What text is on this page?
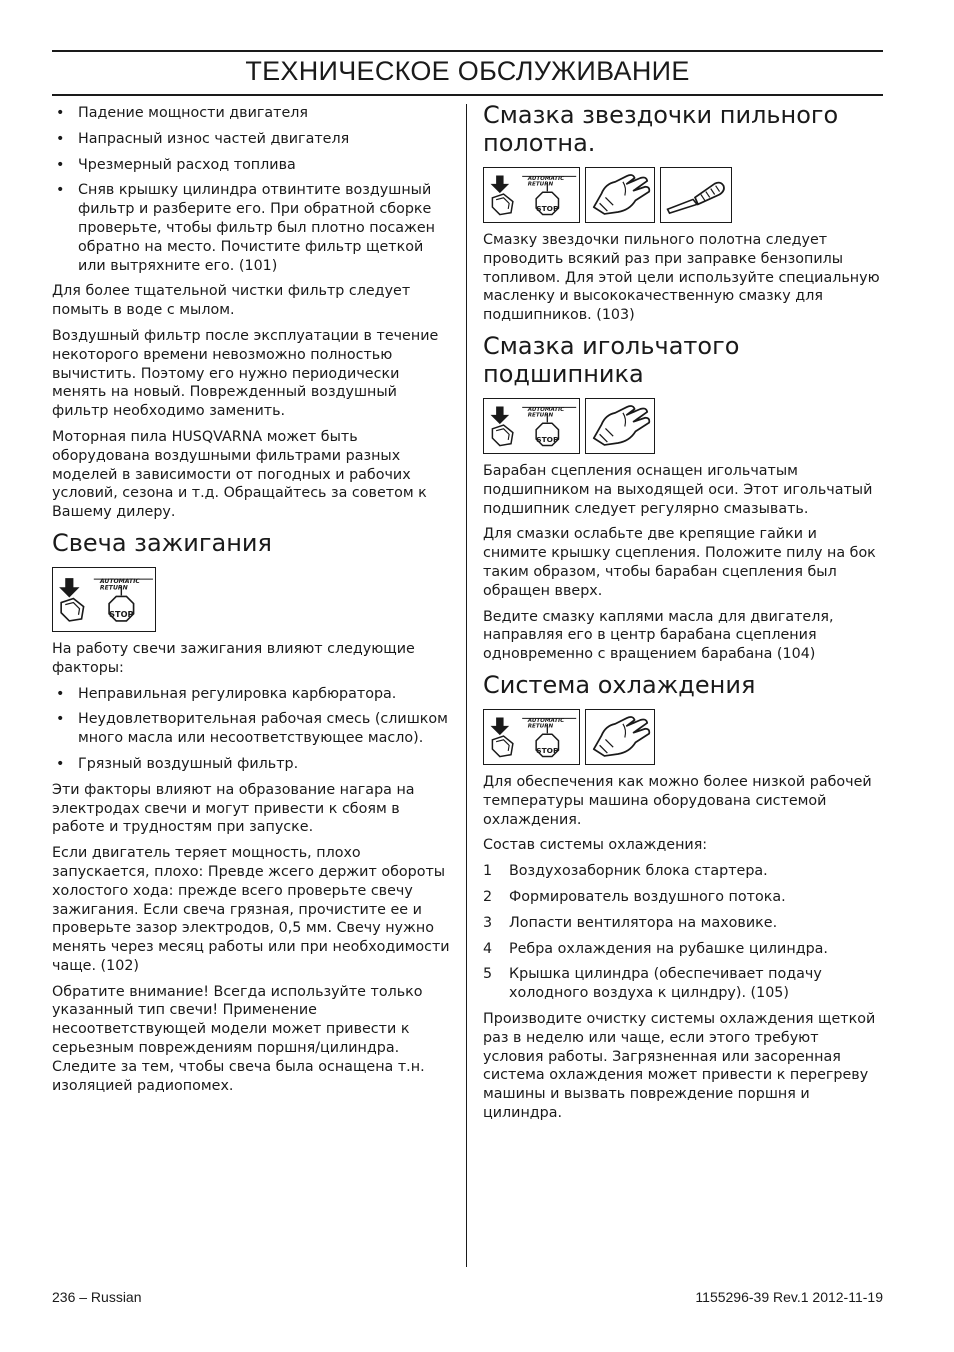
ТЕХНИЧЕСКОЕ ОБСЛУЖИВАНИЕ
• Падение мощности двигателя
• Напрасный износ частей двигателя
• Чрезмерный расход топлива
• Сняв крышку цилиндра отвинтите воздушный фильтр и разберите его. При обратной сборке проверьте, чтобы фильтр был плотно посажен обратно на место. Почистите фильтр щеткой или вытряхните его. (101)

Для более тщательной чистки фильтр следует помыть в воде с мылом.

Воздушный фильтр после эксплуатации в течение некоторого времени невозможно полностью вычистить. Поэтому его нужно периодически менять на новый. Поврежденный воздушный фильтр необходимо заменить.

Моторная пила HUSQVARNA может быть оборудована воздушными фильтрами разных моделей в зависимости от погодных и рабочих условий, сезона и т.д. Обращайтесь за советом к Вашему дилеру.

Свеча зажигания
AUTOMATIC
RETURN
STOP

На работу свечи зажигания влияют следующие факторы:

• Неправильная регулировка карбюратора.
• Неудовлетворительная рабочая смесь (слишком много масла или несоответствующее масло).
• Грязный воздушный фильтр.

Эти факторы влияют на образование нагара на электродах свечи и могут привести к сбоям в работе и трудностям при запуске.

Если двигатель теряет мощность, плохо запускается, плохо: Превде жсего держит обороты холостого хода: прежде всего проверьте свечу зажигания. Если свеча грязная, прочистите ее и проверьте зазор электродов, 0,5 мм. Свечу нужно менять через месяц работы или при необходимости чаще. (102)

Обратите внимание! Всегда используйте только указанный тип свечи! Применение несоответствующей модели может привести к серьезным повреждениям поршня/цилиндра. Следите за тем, чтобы свеча была оснащена т.н. изоляцией радиопомех.

Смазка звездочки пильного полотна.
AUTOMATIC
RETURN
STOP

Смазку звездочки пильного полотна следует проводить всякий раз при заправке бензопилы топливом. Для этой цели используйте специальную масленку и высококачественную смазку для подшипников. (103)

Смазка игольчатого подшипника
AUTOMATIC
RETURN
STOP

Барабан сцепления оснащен игольчатым подшипником на выходящей оси. Этот игольчатый подшипник следует регулярно смазывать.

Для смазки ослабьте две крепящие гайки и снимите крышку сцепления. Положите пилу на бок таким образом, чтобы барабан сцепления был обращен вверх.

Ведите смазку каплями масла для двигателя, направляя его в центр барабана сцепления одновременно с вращением барабана (104)

Система охлаждения
AUTOMATIC
RETURN
STOP

Для обеспечения как можно более низкой рабочей температуры машина оборудована системой охлаждения.

Состав системы охлаждения:

1 Воздухозаборник блока стартера.
2 Формирователь воздушного потока.
3 Лопасти вентилятора на маховике.
4 Ребра охлаждения на рубашке цилиндра.
5 Крышка цилиндра (обеспечивает подачу холодного воздуха к цилндру). (105)

Производите очистку системы охлаждения щеткой раз в неделю или чаще, если этого требуют условия работы. Загрязненная или засоренная система охлаждения может привести к перегреву машины и вызвать повреждение поршня и цилиндра.

236 – Russian	1155296-39 Rev.1 2012-11-19
